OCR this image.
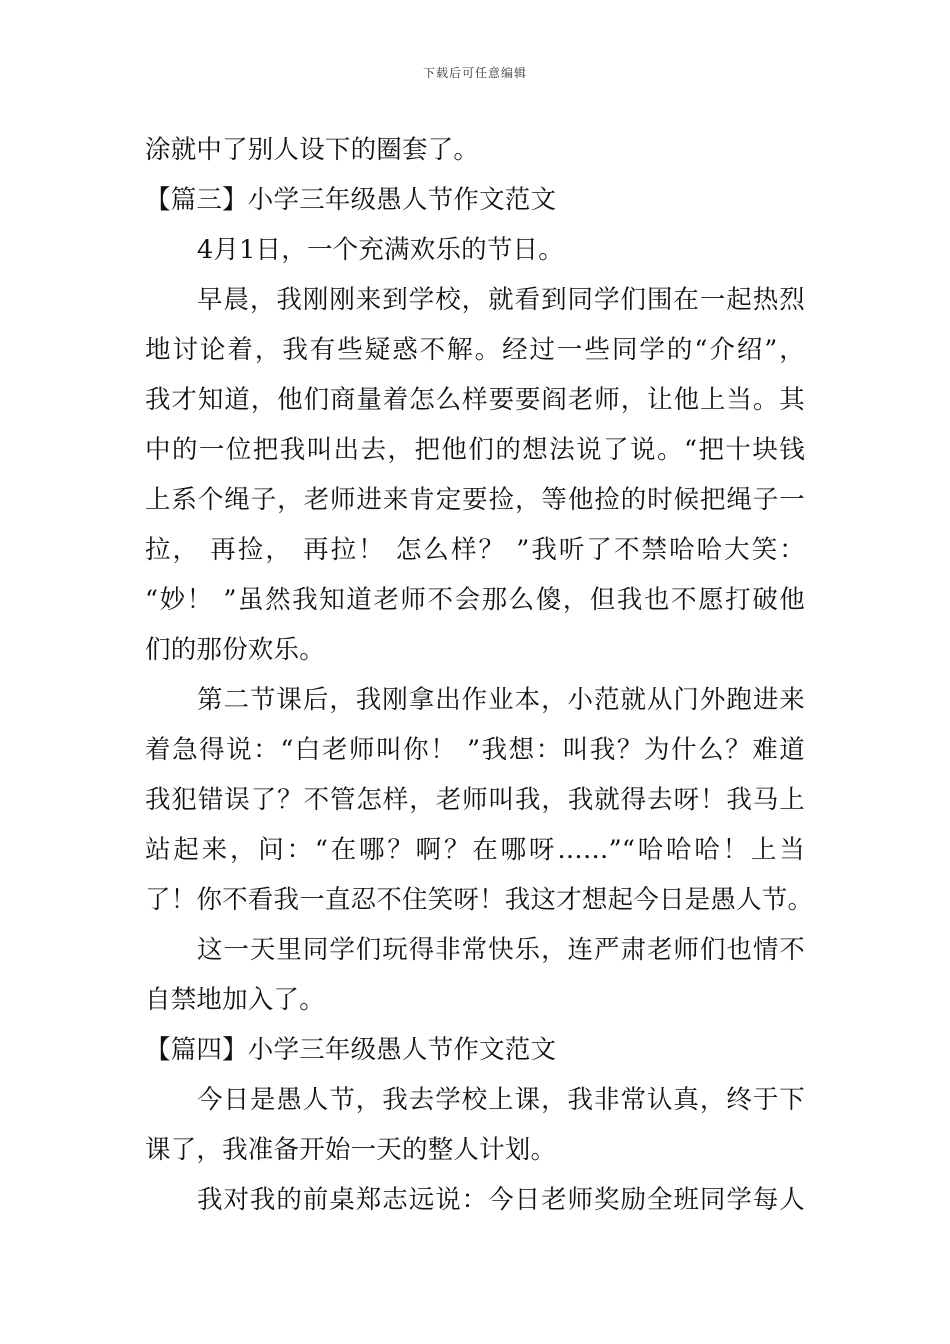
下载后可任意编辑
涂就中了别人设下的圈套了。
【篇三】小学三年级愚人节作文范文
4月1日，一个充满欢乐的节日。
早晨，我刚刚来到学校，就看到同学们围在一起热烈
地讨论着，我有些疑惑不解。经过一些同学的“介绍”，
我才知道，他们商量着怎么样要要阎老师，让他上当。其
中的一位把我叫出去，把他们的想法说了说。“把十块钱
上系个绳子，老师进来肯定要捡，等他捡的时候把绳子一
拉， 再捡， 再拉！ 怎么样？ ”我听了不禁哈哈大笑：
“妙！ ”虽然我知道老师不会那么傻，但我也不愿打破他
们的那份欢乐。
第二节课后，我刚拿出作业本，小范就从门外跑进来
着急得说：“白老师叫你！ ”我想：叫我？为什么？难道
我犯错误了？不管怎样，老师叫我，我就得去呀！我马上
站起来，问：“在哪？啊？在哪呀……”“哈哈哈！上当
了！你不看我一直忍不住笑呀！我这才想起今日是愚人节。
这一天里同学们玩得非常快乐，连严肃老师们也情不
自禁地加入了。
【篇四】小学三年级愚人节作文范文
今日是愚人节，我去学校上课，我非常认真，终于下
课了，我准备开始一天的整人计划。
我对我的前桌郑志远说：今日老师奖励全班同学每人
